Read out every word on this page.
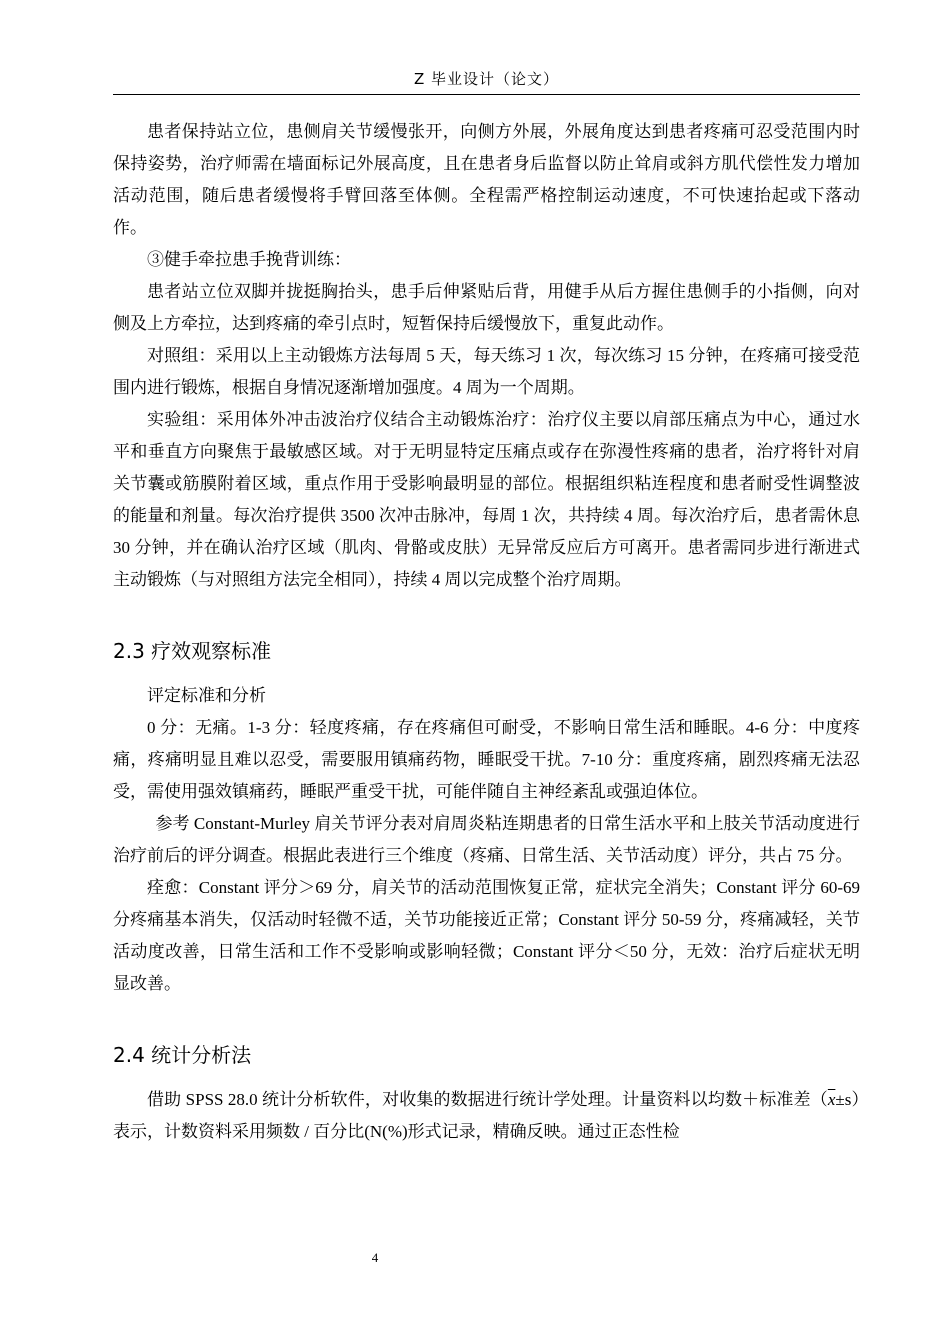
Z 毕业设计（论文）

患者保持站立位，患侧肩关节缓慢张开，向侧方外展，外展角度达到患者疼痛可忍受范围内时保持姿势，治疗师需在墙面标记外展高度，且在患者身后监督以防止耸肩或斜方肌代偿性发力增加活动范围，随后患者缓慢将手臂回落至体侧。全程需严格控制运动速度，不可快速抬起或下落动作。

③健手牵拉患手挽背训练：

患者站立位双脚并拢挺胸抬头，患手后伸紧贴后背，用健手从后方握住患侧手的小指侧，向对侧及上方牵拉，达到疼痛的牵引点时，短暂保持后缓慢放下，重复此动作。

对照组：采用以上主动锻炼方法每周 5 天，每天练习 1 次，每次练习 15 分钟，在疼痛可接受范围内进行锻炼，根据自身情况逐渐增加强度。4 周为一个周期。

实验组：采用体外冲击波治疗仪结合主动锻炼治疗：治疗仪主要以肩部压痛点为中心，通过水平和垂直方向聚焦于最敏感区域。对于无明显特定压痛点或存在弥漫性疼痛的患者，治疗将针对肩关节囊或筋膜附着区域，重点作用于受影响最明显的部位。根据组织粘连程度和患者耐受性调整波的能量和剂量。每次治疗提供 3500 次冲击脉冲，每周 1 次，共持续 4 周。每次治疗后，患者需休息 30 分钟，并在确认治疗区域（肌肉、骨骼或皮肤）无异常反应后方可离开。患者需同步进行渐进式主动锻炼（与对照组方法完全相同），持续 4 周以完成整个治疗周期。

2.3 疗效观察标准

评定标准和分析

0 分：无痛。1-3 分：轻度疼痛，存在疼痛但可耐受，不影响日常生活和睡眠。4-6 分：中度疼痛，疼痛明显且难以忍受，需要服用镇痛药物，睡眠受干扰。7-10 分：重度疼痛，剧烈疼痛无法忍受，需使用强效镇痛药，睡眠严重受干扰，可能伴随自主神经紊乱或强迫体位。

参考 Constant-Murley 肩关节评分表对肩周炎粘连期患者的日常生活水平和上肢关节活动度进行治疗前后的评分调查。根据此表进行三个维度（疼痛、日常生活、关节活动度）评分，共占 75 分。

痊愈：Constant 评分＞69 分，肩关节的活动范围恢复正常，症状完全消失；Constant 评分 60-69 分疼痛基本消失，仅活动时轻微不适，关节功能接近正常；Constant 评分 50-59 分，疼痛减轻，关节活动度改善，日常生活和工作不受影响或影响轻微；Constant 评分＜50 分，无效：治疗后症状无明显改善。

2.4 统计分析法

借助 SPSS 28.0 统计分析软件，对收集的数据进行统计学处理。计量资料以均数＋标准差$(\overline{x}\pm s)$表示，计数资料采用频数 / 百分比(N(%)形式记录，精确反映。通过正态性检

4
